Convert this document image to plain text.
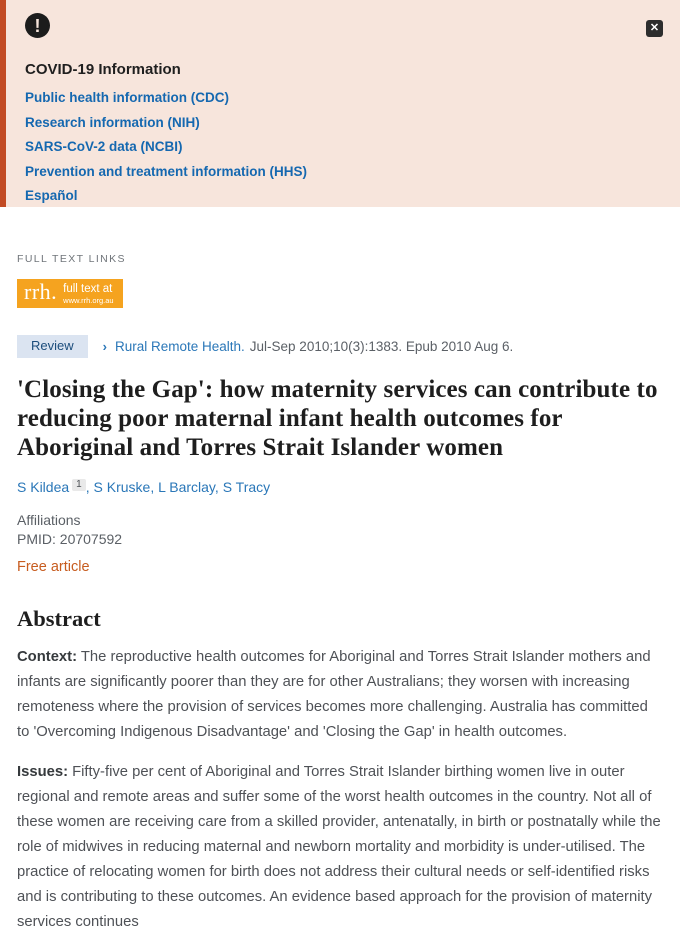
!	✕
COVID-19 Information
Public health information (CDC)
Research information (NIH)
SARS-CoV-2 data (NCBI)
Prevention and treatment information (HHS)
Español
FULL TEXT LINKS
rrh. full text at
www.rrh.org.au
Review	› Rural Remote Health. Jul-Sep 2010;10(3):1383. Epub 2010 Aug 6.
'Closing the Gap': how maternity services can contribute to reducing poor maternal infant health outcomes for Aboriginal and Torres Strait Islander women
S Kildea 1 , S Kruske, L Barclay, S Tracy
Affiliations
PMID: 20707592
Free article
Abstract

Context: The reproductive health outcomes for Aboriginal and Torres Strait Islander mothers and infants are significantly poorer than they are for other Australians; they worsen with increasing remoteness where the provision of services becomes more challenging. Australia has committed to 'Overcoming Indigenous Disadvantage' and 'Closing the Gap' in health outcomes.

Issues: Fifty-five per cent of Aboriginal and Torres Strait Islander birthing women live in outer regional and remote areas and suffer some of the worst health outcomes in the country. Not all of these women are receiving care from a skilled provider, antenatally, in birth or postnatally while the role of midwives in reducing maternal and newborn mortality and morbidity is under-utilised. The practice of relocating women for birth does not address their cultural needs or self-identified risks and is contributing to these outcomes. An evidence based approach for the provision of maternity services continues
